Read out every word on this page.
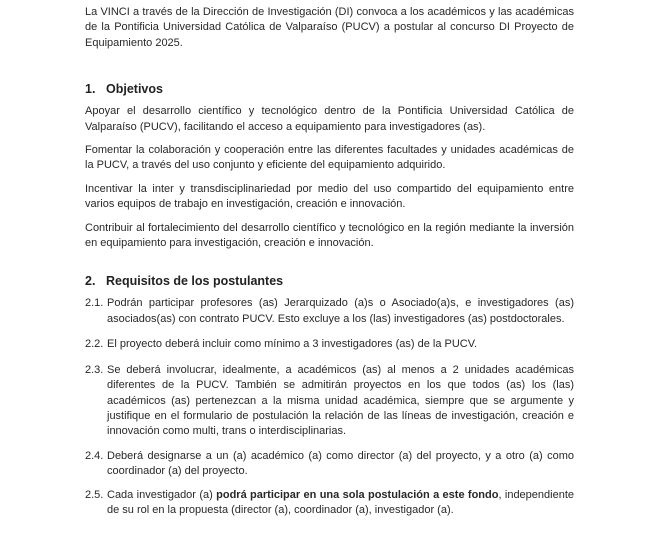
La VINCI a través de la Dirección de Investigación (DI) convoca a los académicos y las académicas de la Pontificia Universidad Católica de Valparaíso (PUCV) a postular al concurso DI Proyecto de Equipamiento 2025.

1. Objetivos

Apoyar el desarrollo científico y tecnológico dentro de la Pontificia Universidad Católica de Valparaíso (PUCV), facilitando el acceso a equipamiento para investigadores (as).

Fomentar la colaboración y cooperación entre las diferentes facultades y unidades académicas de la PUCV, a través del uso conjunto y eficiente del equipamiento adquirido.

Incentivar la inter y transdisciplinariedad por medio del uso compartido del equipamiento entre varios equipos de trabajo en investigación, creación e innovación.

Contribuir al fortalecimiento del desarrollo científico y tecnológico en la región mediante la inversión en equipamiento para investigación, creación e innovación.

2. Requisitos de los postulantes
2.1. Podrán participar profesores (as) Jerarquizado (a)s o Asociado(a)s, e investigadores (as) asociados(as) con contrato PUCV. Esto excluye a los (las) investigadores (as) postdoctorales.
2.2. El proyecto deberá incluir como mínimo a 3 investigadores (as) de la PUCV.
2.3. Se deberá involucrar, idealmente, a académicos (as) al menos a 2 unidades académicas diferentes de la PUCV. También se admitirán proyectos en los que todos (as) los (las) académicos (as) pertenezcan a la misma unidad académica, siempre que se argumente y justifique en el formulario de postulación la relación de las líneas de investigación, creación e innovación como multi, trans o interdisciplinarias.
2.4. Deberá designarse a un (a) académico (a) como director (a) del proyecto, y a otro (a) como coordinador (a) del proyecto.
2.5. Cada investigador (a) podrá participar en una sola postulación a este fondo, independiente de su rol en la propuesta (director (a), coordinador (a), investigador (a).
